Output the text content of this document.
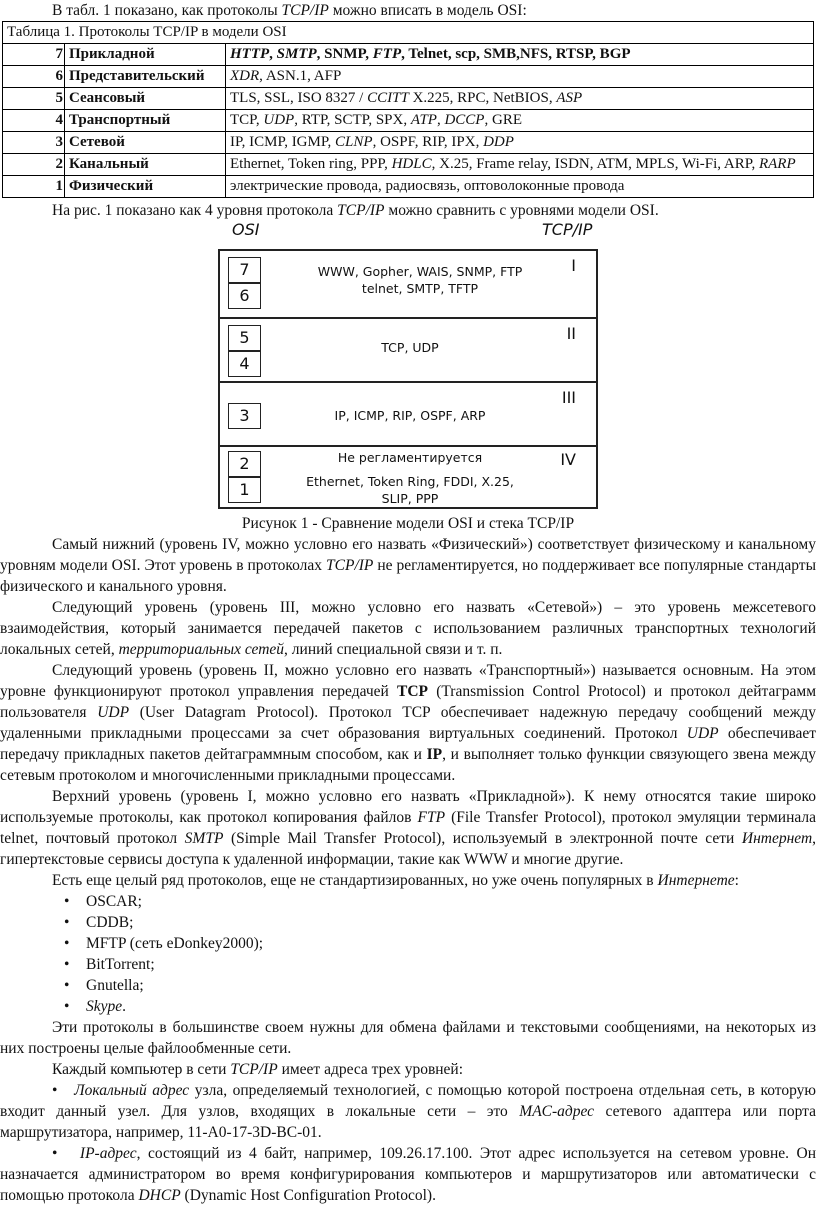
В табл. 1 показано, как протоколы TCP/IP можно вписать в модель OSI:

Таблица 1. Протоколы TCP/IP в модели OSI		
7	Прикладной	HTTP, SMTP, SNMP, FTP, Telnet, scp, SMB,NFS, RTSP, BGP
6	Представительский	XDR, ASN.1, AFP
5	Сеансовый	TLS, SSL, ISO 8327 / CCITT X.225, RPC, NetBIOS, ASP
4	Транспортный	TCP, UDP, RTP, SCTP, SPX, ATP, DCCP, GRE
3	Сетевой	IP, ICMP, IGMP, CLNP, OSPF, RIP, IPX, DDP
2	Канальный	Ethernet, Token ring, PPP, HDLC, X.25, Frame relay, ISDN, ATM, MPLS, Wi-Fi, ARP, RARP
1	Физический	электрические провода, радиосвязь, оптоволоконные провода

На рис. 1 показано как 4 уровня протокола TCP/IP можно сравнить с уровнями модели OSI.

OSI	TCP/IP
7
6
WWW, Gopher, WAIS, SNMP, FTP
telnet, SMTP, TFTP
I
5
4
TCP, UDP
II
3	IP, ICMP, RIP, OSPF, ARP
III
2
1
Не регламентируется
Ethernet, Token Ring, FDDI, X.25,
SLIP, PPP
IV

Рисунок 1 - Сравнение модели OSI и стека TCP/IP

Самый нижний (уровень IV, можно условно его назвать «Физический») соответствует физическому и канальному уровням модели OSI. Этот уровень в протоколах TCP/IP не регламентируется, но поддерживает все популярные стандарты физического и канального уровня.

Следующий уровень (уровень III, можно условно его назвать «Сетевой») – это уровень межсетевого взаимодействия, который занимается передачей пакетов с использованием различных транспортных технологий локальных сетей, территориальных сетей, линий специальной связи и т. п.

Следующий уровень (уровень II, можно условно его назвать «Транспортный») называется основным. На этом уровне функционируют протокол управления передачей TCP (Transmission Control Protocol) и протокол дейтаграмм пользователя UDP (User Datagram Protocol). Протокол TCP обеспечивает надежную передачу сообщений между удаленными прикладными процессами за счет образования виртуальных соединений. Протокол UDP обеспечивает передачу прикладных пакетов дейтаграммным способом, как и IP, и выполняет только функции связующего звена между сетевым протоколом и многочисленными прикладными процессами.

Верхний уровень (уровень I, можно условно его назвать «Прикладной»). К нему относятся такие широко используемые протоколы, как протокол копирования файлов FTP (File Transfer Protocol), протокол эмуляции терминала telnet, почтовый протокол SMTP (Simple Mail Transfer Protocol), используемый в электронной почте сети Интернет, гипертекстовые сервисы доступа к удаленной информации, такие как WWW и многие другие.

Есть еще целый ряд протоколов, еще не стандартизированных, но уже очень популярных в Интернете:

• OSCAR;
• CDDB;
• MFTP (сеть eDonkey2000);
• BitTorrent;
• Gnutella;
• Skype.

Эти протоколы в большинстве своем нужны для обмена файлами и текстовыми сообщениями, на некоторых из них построены целые файлообменные сети.

Каждый компьютер в сети TCP/IP имеет адреса трех уровней:

•   Локальный адрес узла, определяемый технологией, с помощью которой построена отдельная сеть, в которую входит данный узел. Для узлов, входящих в локальные сети – это MAC-адрес сетевого адаптера или порта маршрутизатора, например, 11-А0-17-3D-BC-01.

•   IP-адрес, состоящий из 4 байт, например, 109.26.17.100. Этот адрес используется на сетевом уровне. Он назначается администратором во время конфигурирования компьютеров и маршрутизаторов или автоматически с помощью протокола DHCP (Dynamic Host Configuration Protocol).
